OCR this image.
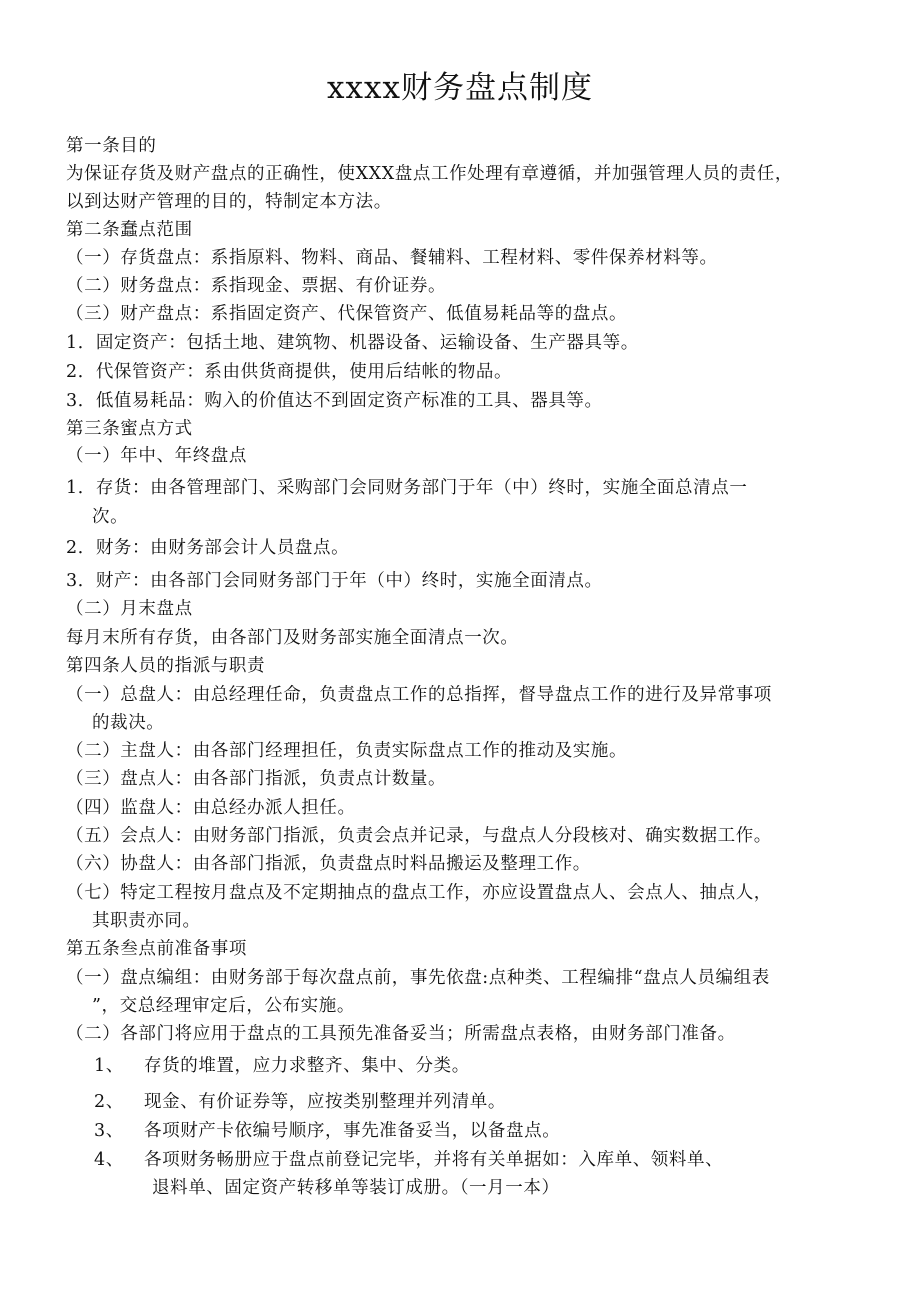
xxxx财务盘点制度
第一条目的
为保证存货及财产盘点的正确性，使XXX盘点工作处理有章遵循，并加强管理人员的责任，
以到达财产管理的目的，特制定本方法。
第二条蠢点范围
（一）存货盘点：系指原料、物料、商品、餐辅料、工程材料、零件保养材料等。
（二）财务盘点：系指现金、票据、有价证券。
（三）财产盘点：系指固定资产、代保管资产、低值易耗品等的盘点。
1．固定资产：包括土地、建筑物、机器设备、运输设备、生产器具等。
2．代保管资产：系由供货商提供，使用后结帐的物品。
3．低值易耗品：购入的价值达不到固定资产标准的工具、器具等。
第三条蜜点方式
（一）年中、年终盘点
1．存货：由各管理部门、采购部门会同财务部门于年（中）终时，实施全面总清点一
次。
2．财务：由财务部会计人员盘点。
3．财产：由各部门会同财务部门于年（中）终时，实施全面清点。
（二）月末盘点
每月末所有存货，由各部门及财务部实施全面清点一次。
第四条人员的指派与职责
（一）总盘人：由总经理任命，负责盘点工作的总指挥，督导盘点工作的进行及异常事项
的裁决。
（二）主盘人：由各部门经理担任，负责实际盘点工作的推动及实施。
（三）盘点人：由各部门指派，负责点计数量。
（四）监盘人：由总经办派人担任。
（五）会点人：由财务部门指派，负责会点并记录，与盘点人分段核对、确实数据工作。
（六）协盘人：由各部门指派，负责盘点时料品搬运及整理工作。
（七）特定工程按月盘点及不定期抽点的盘点工作，亦应设置盘点人、会点人、抽点人，
其职责亦同。
第五条叁点前准备事项
（一）盘点编组：由财务部于每次盘点前，事先依盘:点种类、工程编排“盘点人员编组表
”，交总经理审定后，公布实施。
（二）各部门将应用于盘点的工具预先准备妥当；所需盘点表格，由财务部门准备。
1、 存货的堆置，应力求整齐、集中、分类。
2、 现金、有价证券等，应按类别整理并列清单。
3、 各项财产卡依编号顺序，事先准备妥当，以备盘点。
4、 各项财务畅册应于盘点前登记完毕，并将有关单据如：入库单、领料单、
退料单、固定资产转移单等装订成册。（一月一本）
